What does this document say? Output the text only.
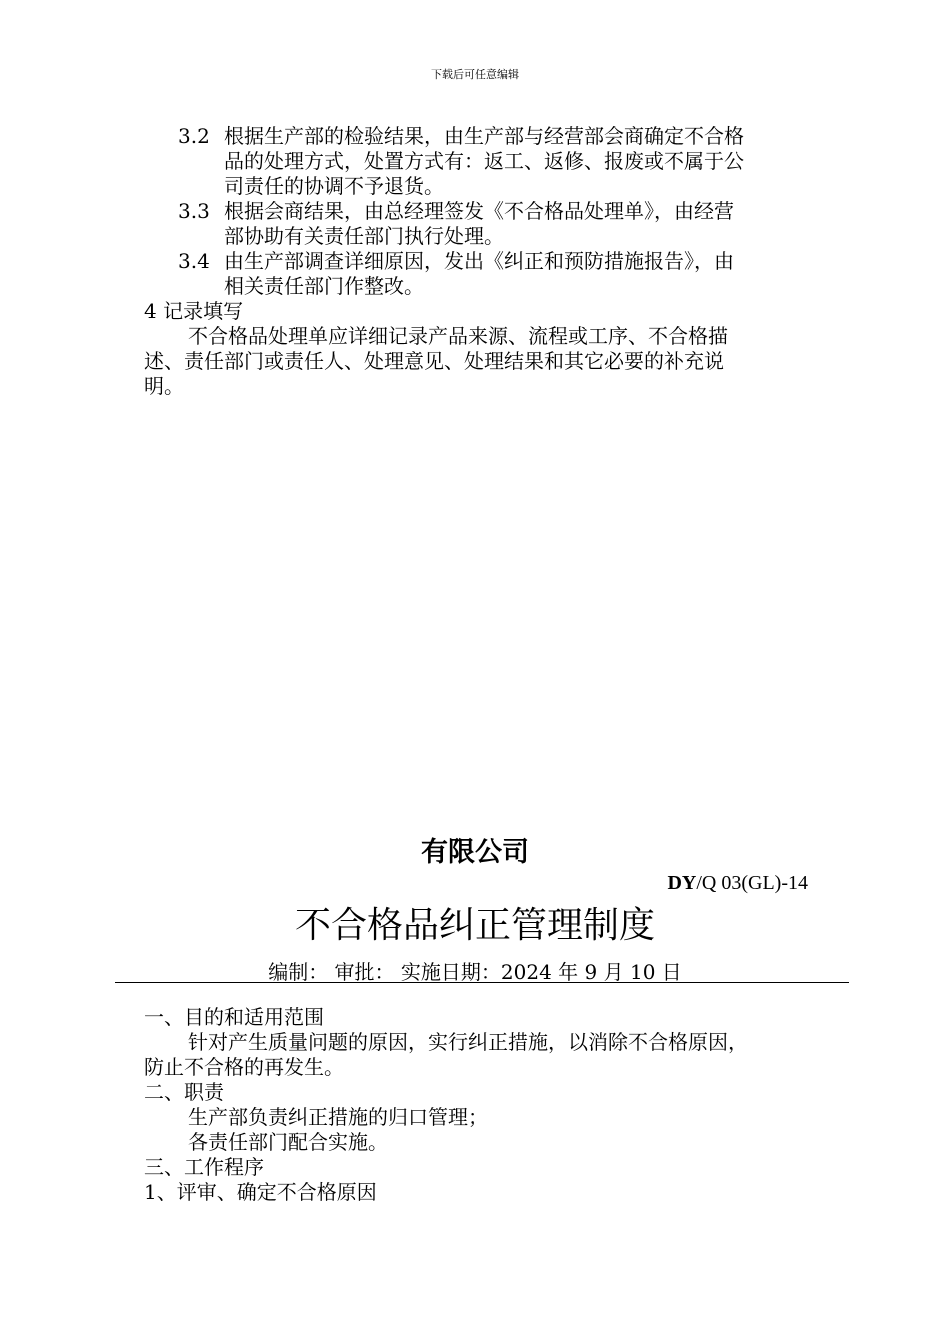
下载后可任意编辑
3.2 根据生产部的检验结果，由生产部与经营部会商确定不合格
品的处理方式，处置方式有：返工、返修、报废或不属于公
司责任的协调不予退货。
3.3 根据会商结果，由总经理签发《不合格品处理单》，由经营
部协助有关责任部门执行处理。
3.4 由生产部调查详细原因，发出《纠正和预防措施报告》，由
相关责任部门作整改。
4 记录填写
不合格品处理单应详细记录产品来源、流程或工序、不合格描
述、责任部门或责任人、处理意见、处理结果和其它必要的补充说
明。
有限公司
DY/Q 03(GL)-14
不合格品纠正管理制度
编制： 审批： 实施日期：2024 年 9 月 10 日
一、目的和适用范围
针对产生质量问题的原因，实行纠正措施，以消除不合格原因，
防止不合格的再发生。
二、职责
生产部负责纠正措施的归口管理；
各责任部门配合实施。
三、工作程序
1、评审、确定不合格原因
